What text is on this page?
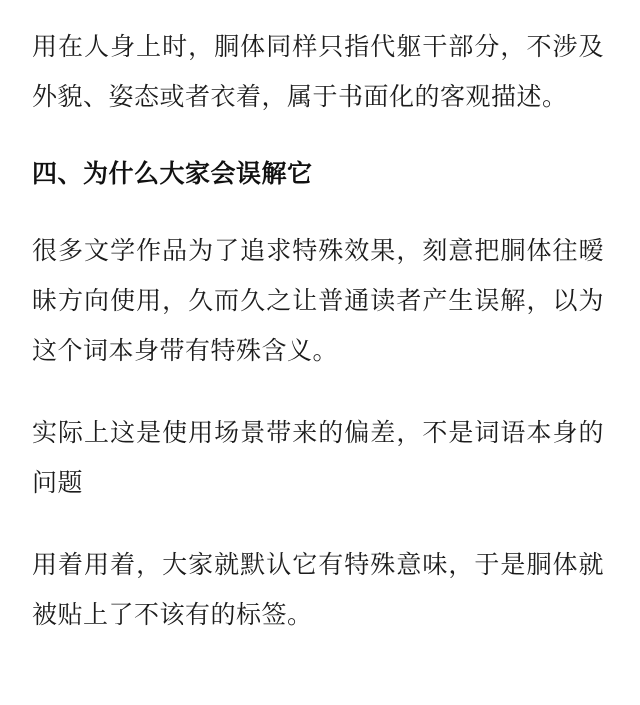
用在人身上时，胴体同样只指代躯干部分，不涉及外貌、姿态或者衣着，属于书面化的客观描述。

四、为什么大家会误解它

很多文学作品为了追求特殊效果，刻意把胴体往暧昧方向使用，久而久之让普通读者产生误解，以为这个词本身带有特殊含义。

实际上这是使用场景带来的偏差，不是词语本身的问题

用着用着，大家就默认它有特殊意味，于是胴体就被贴上了不该有的标签。
